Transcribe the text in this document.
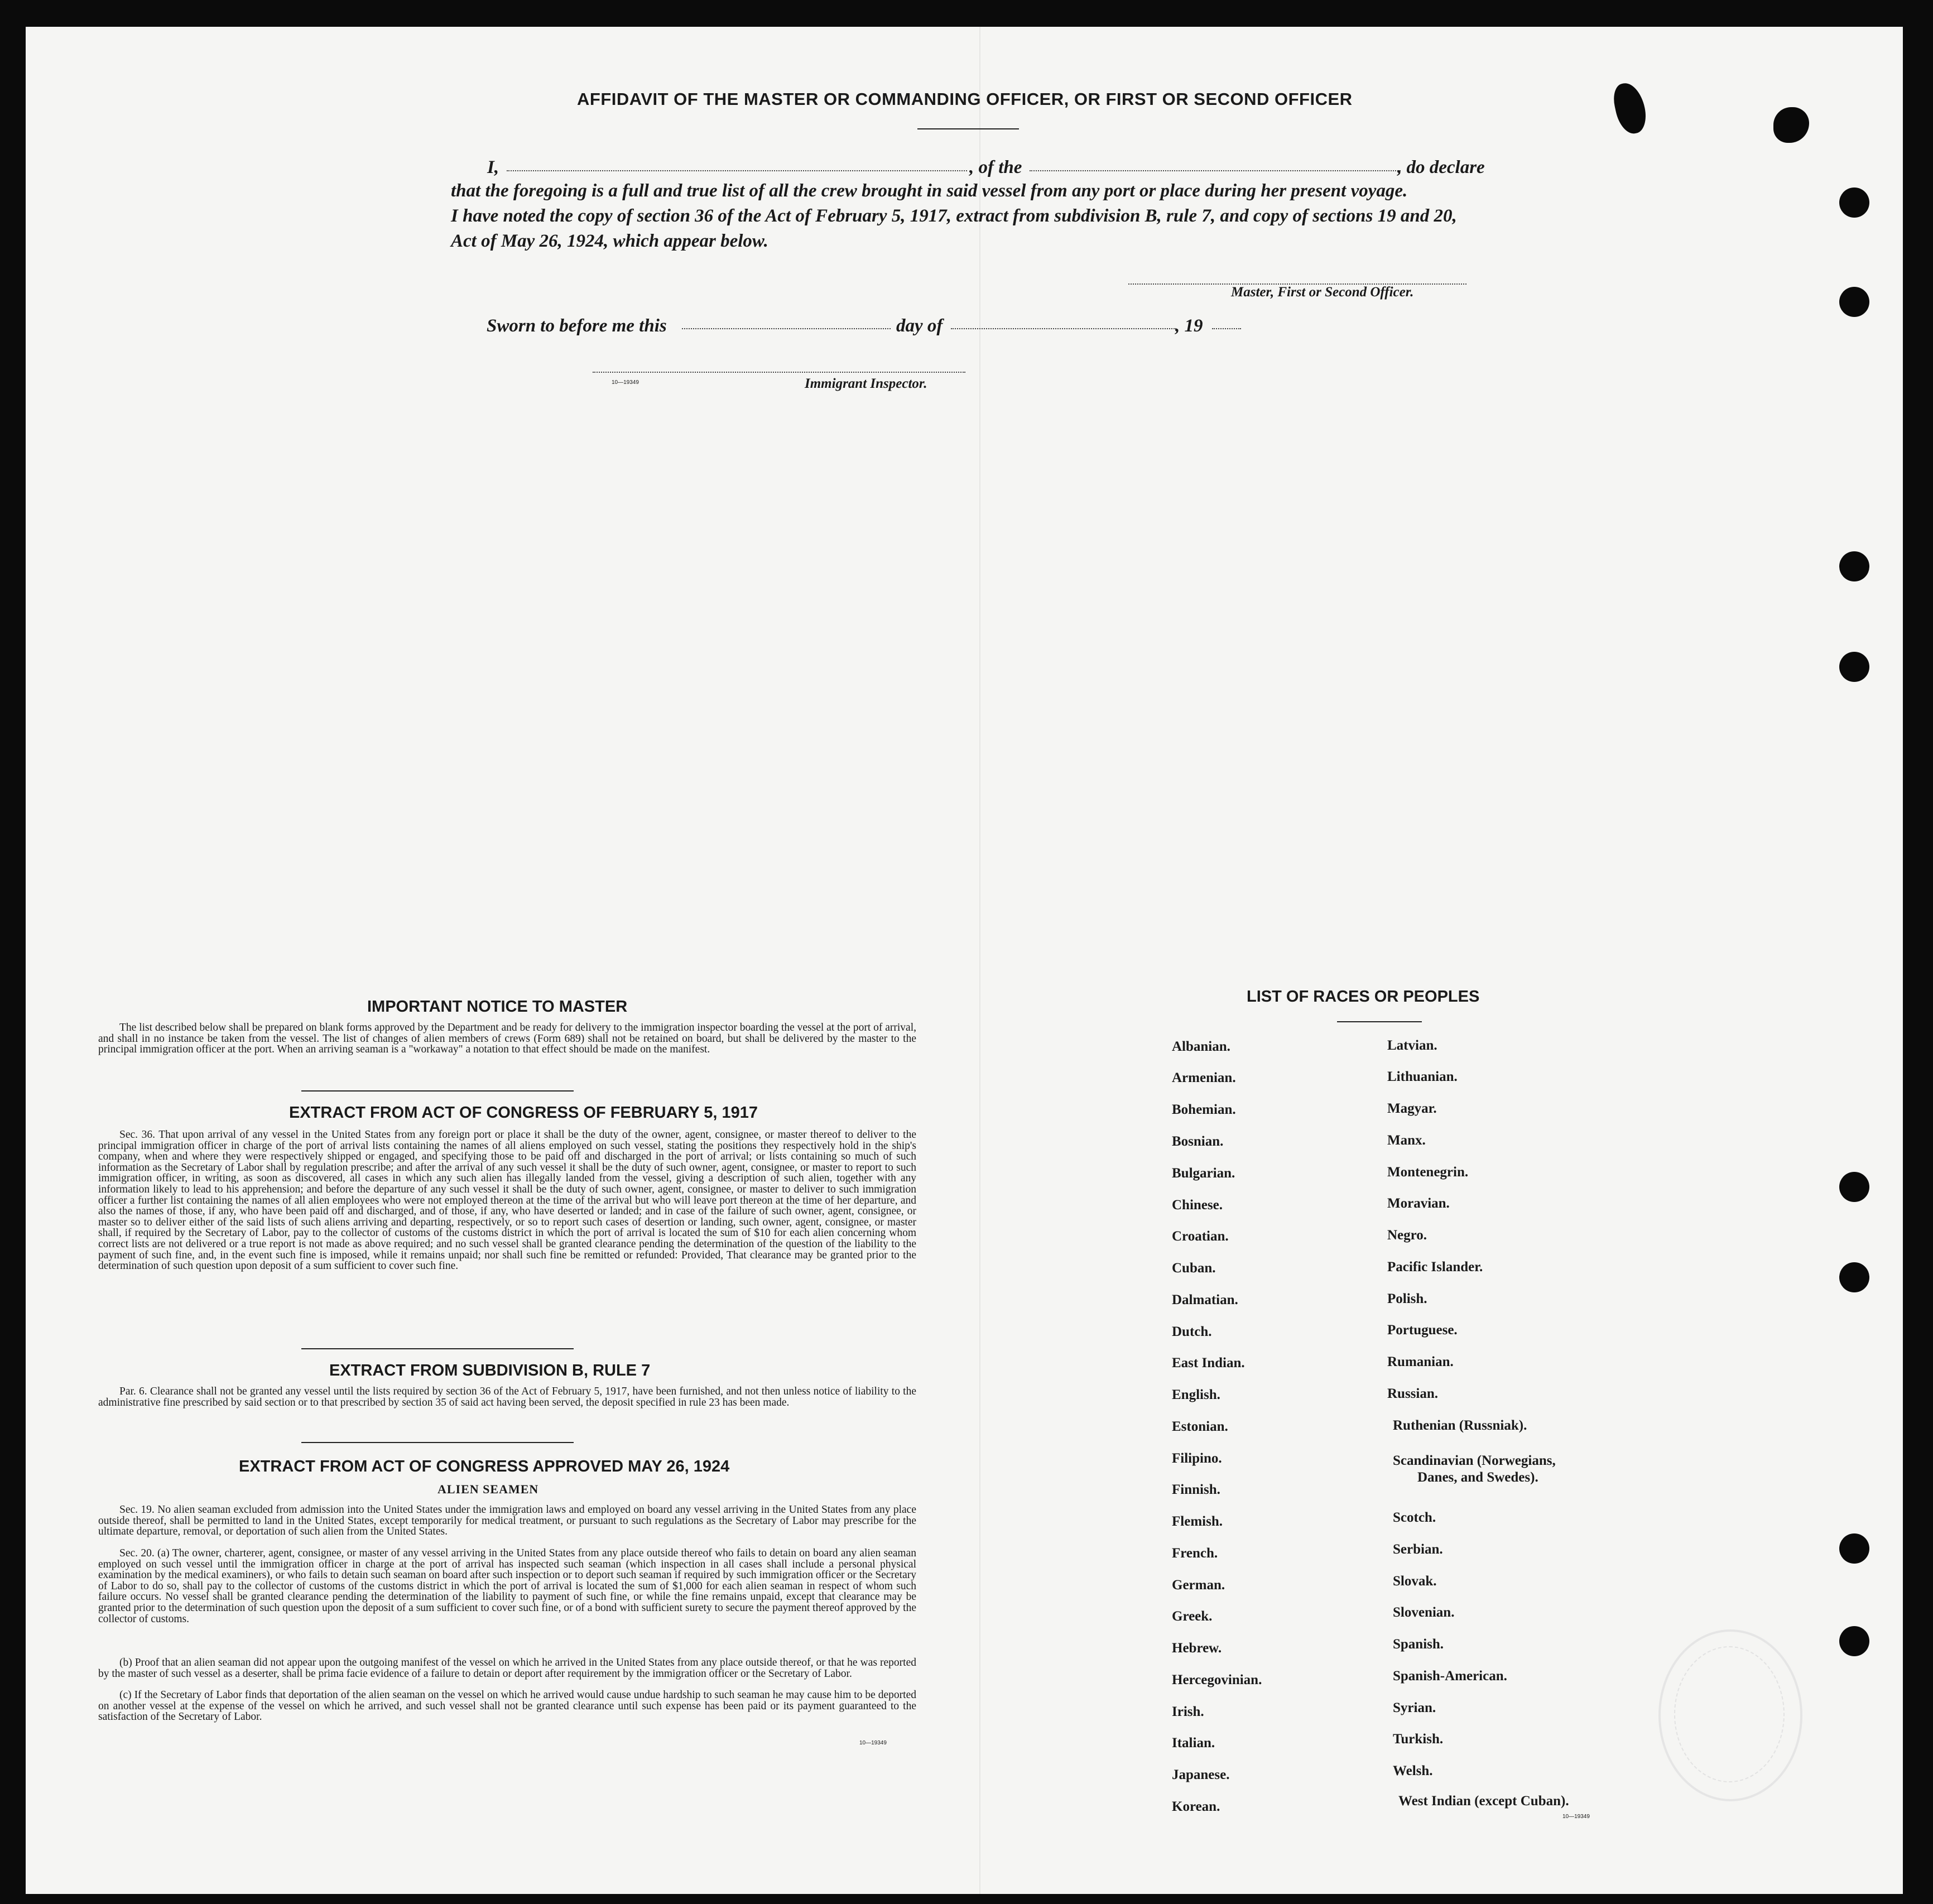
AFFIDAVIT OF THE MASTER OR COMMANDING OFFICER, OR FIRST OR SECOND OFFICER
I,	, of the	, do declare
that the foregoing is a full and true list of all the crew brought in said vessel from any port or place during her present voyage.
I have noted the copy of section 36 of the Act of February 5, 1917, extract from subdivision B, rule 7, and copy of sections 19 and 20,
Act of May 26, 1924, which appear below.
Master, First or Second Officer.
Sworn to before me this	day of	, 19
10—19349	Immigrant Inspector.
IMPORTANT NOTICE TO MASTER
The list described below shall be prepared on blank forms approved by the Department and be ready for delivery to the immigration inspector boarding the vessel at the port of arrival, and shall in no instance be taken from the vessel. The list of changes of alien members of crews (Form 689) shall not be retained on board, but shall be delivered by the master to the principal immigration officer at the port. When an arriving seaman is a "workaway" a notation to that effect should be made on the manifest.
EXTRACT FROM ACT OF CONGRESS OF FEBRUARY 5, 1917
Sec. 36. That upon arrival of any vessel in the United States from any foreign port or place it shall be the duty of the owner, agent, consignee, or master thereof to deliver to the principal immigration officer in charge of the port of arrival lists containing the names of all aliens employed on such vessel, stating the positions they respectively hold in the ship's company, when and where they were respectively shipped or engaged, and specifying those to be paid off and discharged in the port of arrival; or lists containing so much of such information as the Secretary of Labor shall by regulation prescribe; and after the arrival of any such vessel it shall be the duty of such owner, agent, consignee, or master to report to such immigration officer, in writing, as soon as discovered, all cases in which any such alien has illegally landed from the vessel, giving a description of such alien, together with any information likely to lead to his apprehension; and before the departure of any such vessel it shall be the duty of such owner, agent, consignee, or master to deliver to such immigration officer a further list containing the names of all alien employees who were not employed thereon at the time of the arrival but who will leave port thereon at the time of her departure, and also the names of those, if any, who have been paid off and discharged, and of those, if any, who have deserted or landed; and in case of the failure of such owner, agent, consignee, or master so to deliver either of the said lists of such aliens arriving and departing, respectively, or so to report such cases of desertion or landing, such owner, agent, consignee, or master shall, if required by the Secretary of Labor, pay to the collector of customs of the customs district in which the port of arrival is located the sum of $10 for each alien concerning whom correct lists are not delivered or a true report is not made as above required; and no such vessel shall be granted clearance pending the determination of the question of the liability to the payment of such fine, and, in the event such fine is imposed, while it remains unpaid; nor shall such fine be remitted or refunded: Provided, That clearance may be granted prior to the determination of such question upon deposit of a sum sufficient to cover such fine.
EXTRACT FROM SUBDIVISION B, RULE 7
Par. 6. Clearance shall not be granted any vessel until the lists required by section 36 of the Act of February 5, 1917, have been furnished, and not then unless notice of liability to the administrative fine prescribed by said section or to that prescribed by section 35 of said act having been served, the deposit specified in rule 23 has been made.
EXTRACT FROM ACT OF CONGRESS APPROVED MAY 26, 1924
ALIEN SEAMEN
Sec. 19. No alien seaman excluded from admission into the United States under the immigration laws and employed on board any vessel arriving in the United States from any place outside thereof, shall be permitted to land in the United States, except temporarily for medical treatment, or pursuant to such regulations as the Secretary of Labor may prescribe for the ultimate departure, removal, or deportation of such alien from the United States.
Sec. 20. (a) The owner, charterer, agent, consignee, or master of any vessel arriving in the United States from any place outside thereof who fails to detain on board any alien seaman employed on such vessel until the immigration officer in charge at the port of arrival has inspected such seaman (which inspection in all cases shall include a personal physical examination by the medical examiners), or who fails to detain such seaman on board after such inspection or to deport such seaman if required by such immigration officer or the Secretary of Labor to do so, shall pay to the collector of customs of the customs district in which the port of arrival is located the sum of $1,000 for each alien seaman in respect of whom such failure occurs. No vessel shall be granted clearance pending the determination of the liability to payment of such fine, or while the fine remains unpaid, except that clearance may be granted prior to the determination of such question upon the deposit of a sum sufficient to cover such fine, or of a bond with sufficient surety to secure the payment thereof approved by the collector of customs.
(b) Proof that an alien seaman did not appear upon the outgoing manifest of the vessel on which he arrived in the United States from any place outside thereof, or that he was reported by the master of such vessel as a deserter, shall be prima facie evidence of a failure to detain or deport after requirement by the immigration officer or the Secretary of Labor.
(c) If the Secretary of Labor finds that deportation of the alien seaman on the vessel on which he arrived would cause undue hardship to such seaman he may cause him to be deported on another vessel at the expense of the vessel on which he arrived, and such vessel shall not be granted clearance until such expense has been paid or its payment guaranteed to the satisfaction of the Secretary of Labor.
10—19349
LIST OF RACES OR PEOPLES
Albanian.
Armenian.
Bohemian.
Bosnian.
Bulgarian.
Chinese.
Croatian.
Cuban.
Dalmatian.
Dutch.
East Indian.
English.
Estonian.
Filipino.
Finnish.
Flemish.
French.
German.
Greek.
Hebrew.
Hercegovinian.
Irish.
Italian.
Japanese.
Korean.
Latvian.
Lithuanian.
Magyar.
Manx.
Montenegrin.
Moravian.
Negro.
Pacific Islander.
Polish.
Portuguese.
Rumanian.
Russian.
Ruthenian (Russniak).
Scandinavian (Norwegians,
Danes, and Swedes).
Scotch.
Serbian.
Slovak.
Slovenian.
Spanish.
Spanish-American.
Syrian.
Turkish.
Welsh.
West Indian (except Cuban).
10—19349
